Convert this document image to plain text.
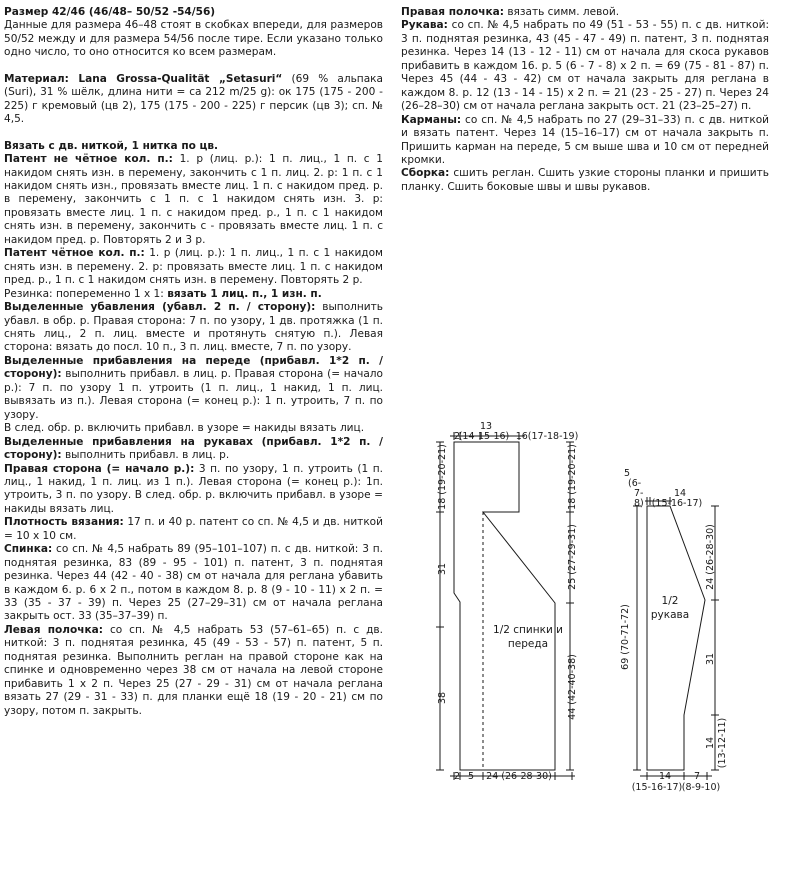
Размер 42/46 (46/48– 50/52 -54/56)

Данные для размера 46–48 стоят в скобках впереди, для размеров 50/52 между и для размера 54/56 после тире. Если указано только одно число, то оно относится ко всем размерам.

Материал: Lana Grossa-Qualität „Setasuri“ (69 % альпака (Suri), 31 % шёлк, длина нити = ca 212 m/25 g): ок 175 (175 - 200 - 225) г кремовый (цв 2), 175 (175 - 200 - 225) г персик (цв 3); сп. № 4,5.

Вязать с дв. ниткой, 1 нитка по цв.

Патент не чётное кол. п.: 1. р (лиц. р.): 1 п. лиц., 1 п. с 1 накидом снять изн. в перемену, закончить с 1 п. лиц. 2. р: 1 п. с 1 накидом снять изн., провязать вместе лиц. 1 п. с накидом пред. р. в перемену, закончить с 1 п. с 1 накидом снять изн. 3. р: провязать вместе лиц. 1 п. с накидом пред. р., 1 п. с 1 накидом снять изн. в перемену, закончить с - провязать вместе лиц. 1 п. с накидом пред. р. Повторять 2 и 3 р.

Патент чётное кол. п.: 1. р (лиц. р.): 1 п. лиц., 1 п. с 1 накидом снять изн. в перемену. 2. р: провязать вместе лиц. 1 п. с накидом пред. р., 1 п. с 1 накидом снять изн. в перемену. Повторять 2 р.

Резинка: попеременно 1 x 1: вязать 1 лиц. п., 1 изн. п.

Выделенные убавления (убавл. 2 п. / сторону): выполнить убавл. в обр. р. Правая сторона: 7 п. по узору, 1 дв. протяжка (1 п. снять лиц., 2 п. лиц. вместе и протянуть снятую п.). Левая сторона: вязать до посл. 10 п., 3 п. лиц. вместе, 7 п. по узору.

Выделенные прибавления на переде (прибавл. 1*2 п. / сторону): выполнить прибавл. в лиц. р. Правая сторона (= начало р.): 7 п. по узору 1 п. утроить (1 п. лиц., 1 накид, 1 п. лиц. вывязать из п.). Левая сторона (= конец р.): 1 п. утроить, 7 п. по узору.

В след. обр. р. включить прибавл. в узоре = накиды вязать лиц.

Выделенные прибавления на рукавах (прибавл. 1*2 п. / сторону): выполнить прибавл. в лиц. р.

Правая сторона (= начало р.): 3 п. по узору, 1 п. утроить (1 п. лиц., 1 накид, 1 п. лиц. из 1 п.). Левая сторона (= конец р.): 1п. утроить, 3 п. по узору. В след. обр. р. включить прибавл. в узоре = накиды вязать лиц.

Плотность вязания: 17 п. и 40 р. патент со сп. № 4,5 и дв. ниткой = 10 x 10 см.

Спинка: со сп. № 4,5 набрать 89 (95–101–107) п. с дв. ниткой: 3 п. поднятая резинка, 83 (89 - 95 - 101) п. патент, 3 п. поднятая резинка. Через 44 (42 - 40 - 38) см от начала для реглана убавить в каждом 6. р. 6 x 2 п., потом в каждом 8. р. 8 (9 - 10 - 11) x 2 п. = 33 (35 - 37 - 39) п. Через 25 (27–29–31) см от начала реглана закрыть ост. 33 (35–37–39) п.

Левая полочка: со сп. № 4,5 набрать 53 (57–61–65) п. с дв. ниткой: 3 п. поднятая резинка, 45 (49 - 53 - 57) п. патент, 5 п. поднятая резинка. Выполнить реглан на правой стороне как на спинке и одновременно через 38 см от начала на левой стороне прибавить 1 x 2 п. Через 25 (27 - 29 - 31) см от начала реглана вязать 27 (29 - 31 - 33) п. для планки ещё 18 (19 - 20 - 21) см по узору, потом п. закрыть.

Правая полочка: вязать симм. левой.

Рукава: со сп. № 4,5 набрать по 49 (51 - 53 - 55) п. с дв. ниткой: 3 п. поднятая резинка, 43 (45 - 47 - 49) п. патент, 3 п. поднятая резинка. Через 14 (13 - 12 - 11) см от начала для скоса рукавов прибавить в каждом 16. р. 5 (6 - 7 - 8) x 2 п. = 69 (75 - 81 - 87) п. Через 45 (44 - 43 - 42) см от начала закрыть для реглана в каждом 8. р. 12 (13 - 14 - 15) x 2 п. = 21 (23 - 25 - 27) п. Через 24 (26–28–30) см от начала реглана закрыть ост. 21 (23–25–27) п.

Карманы: со сп. № 4,5 набрать по 27 (29–31–33) п. с дв. ниткой и вязать патент. Через 14 (15–16–17) см от начала закрыть п. Пришить карман на переде, 5 см выше шва и 10 см от передней кромки.

Сборка: сшить реглан. Сшить узкие стороны планки и пришить планку. Сшить боковые швы и швы рукавов.

1/2 спинки и
переда
13
2
(14-15-16) 16(17-18-19)
18 (19-20-21)
31
38
18 (19-20-21)
25 (27-29-31)
44 (42-40-38)
2 5 24 (26-28-30)
1/2
рукава
5
(6-
7-
8)
14
(15-16-17)
69 (70-71-72)
24 (26-28-30)
31
14 (13-12-11)
14
(15-16-17)
7
(8-9-10)
